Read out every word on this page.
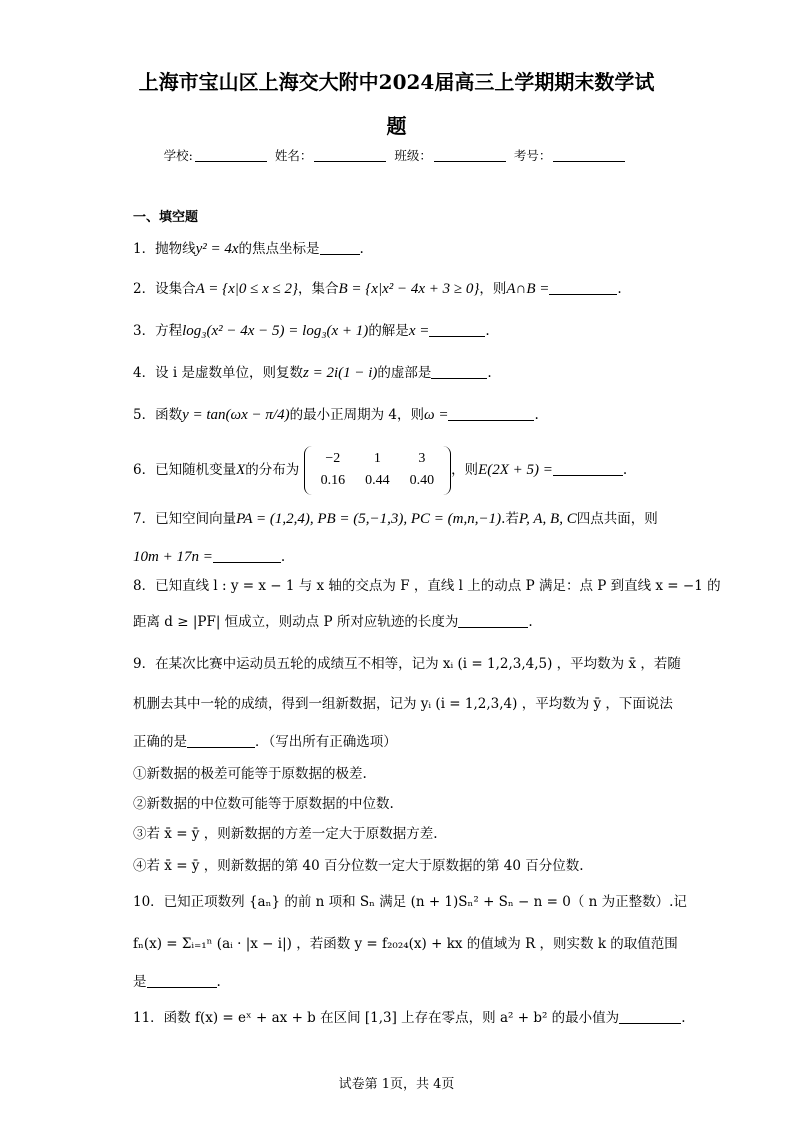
上海市宝山区上海交大附中2024届高三上学期期末数学试
题
学校:	姓名：	班级：	考号：
一、填空题
1．抛物线y² = 4x的焦点坐标是	.
2．设集合A = {x|0 ≤ x ≤ 2}，集合B = {x|x² − 4x + 3 ≥ 0}，则A∩B =	.
3．方程log₃(x² − 4x − 5) = log₃(x + 1)的解是x =	.
4．设 i 是虚数单位，则复数z = 2i(1 − i)的虚部是	.
5．函数y = tan(ωx − π/4)的最小正周期为 4，则ω =	.
6．已知随机变量X的分布为
−2	1	3
0.16	0.44	0.40
，则E(2X + 5) =	.
7．已知空间向量PA = (1,2,4), PB = (5,−1,3), PC = (m,n,−1).若P, A, B, C四点共面，则
10m + 17n =	.
8．已知直线 l : y = x − 1 与 x 轴的交点为 F ，直线 l 上的动点 P 满足：点 P 到直线 x = −1 的
距离 d ≥ |PF| 恒成立，则动点 P 所对应轨迹的长度为	.
9．在某次比赛中运动员五轮的成绩互不相等，记为 xᵢ (i = 1,2,3,4,5) ，平均数为 x̄ ，若随
机删去其中一轮的成绩，得到一组新数据，记为 yᵢ (i = 1,2,3,4) ，平均数为 ȳ ，下面说法
正确的是	．（写出所有正确选项）
①新数据的极差可能等于原数据的极差.
②新数据的中位数可能等于原数据的中位数.
③若 x̄ = ȳ ，则新数据的方差一定大于原数据方差.
④若 x̄ = ȳ ，则新数据的第 40 百分位数一定大于原数据的第 40 百分位数.
10．已知正项数列 {aₙ} 的前 n 项和 Sₙ 满足 (n + 1)Sₙ² + Sₙ − n = 0（ n 为正整数）.记
fₙ(x) = Σᵢ₌₁ⁿ (aᵢ · |x − i|) ，若函数 y = f₂₀₂₄(x) + kx 的值域为 R ，则实数 k 的取值范围
是	.
11．函数 f(x) = eˣ + ax + b 在区间 [1,3] 上存在零点，则 a² + b² 的最小值为	.
试卷第 1页，共 4页
